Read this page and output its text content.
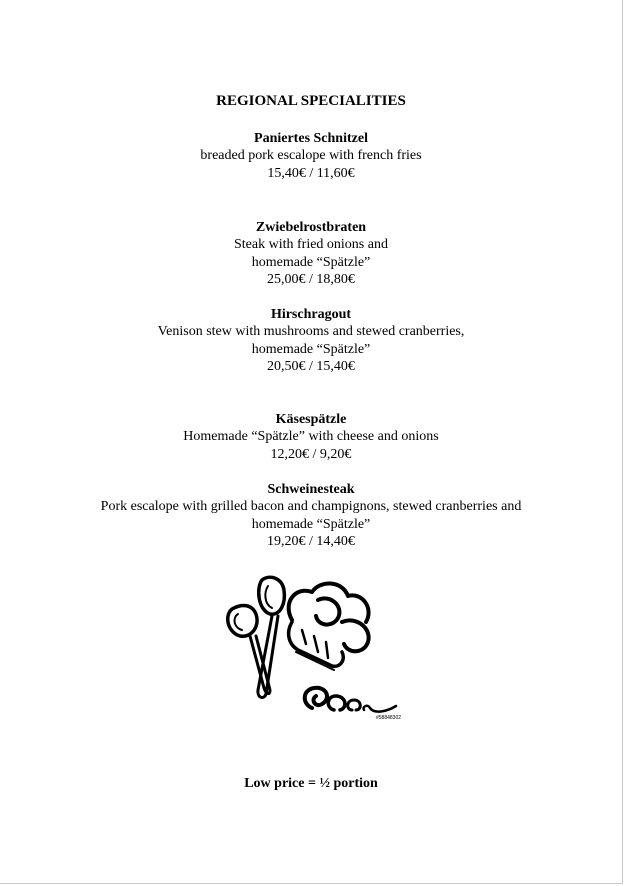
REGIONAL SPECIALITIES
Paniertes Schnitzel
breaded pork escalope with french fries
15,40€ / 11,60€
Zwiebelrostbraten
Steak with fried onions and
homemade “Spätzle”
25,00€ / 18,80€
Hirschragout
Venison stew with mushrooms and stewed cranberries,
homemade “Spätzle”
20,50€ / 15,40€
Käsespätzle
Homemade “Spätzle” with cheese and onions
12,20€ / 9,20€
Schweinesteak
Pork escalope with grilled bacon and champignons, stewed cranberries and
homemade “Spätzle”
19,20€ / 14,40€
#58848302
Low price = ½ portion
